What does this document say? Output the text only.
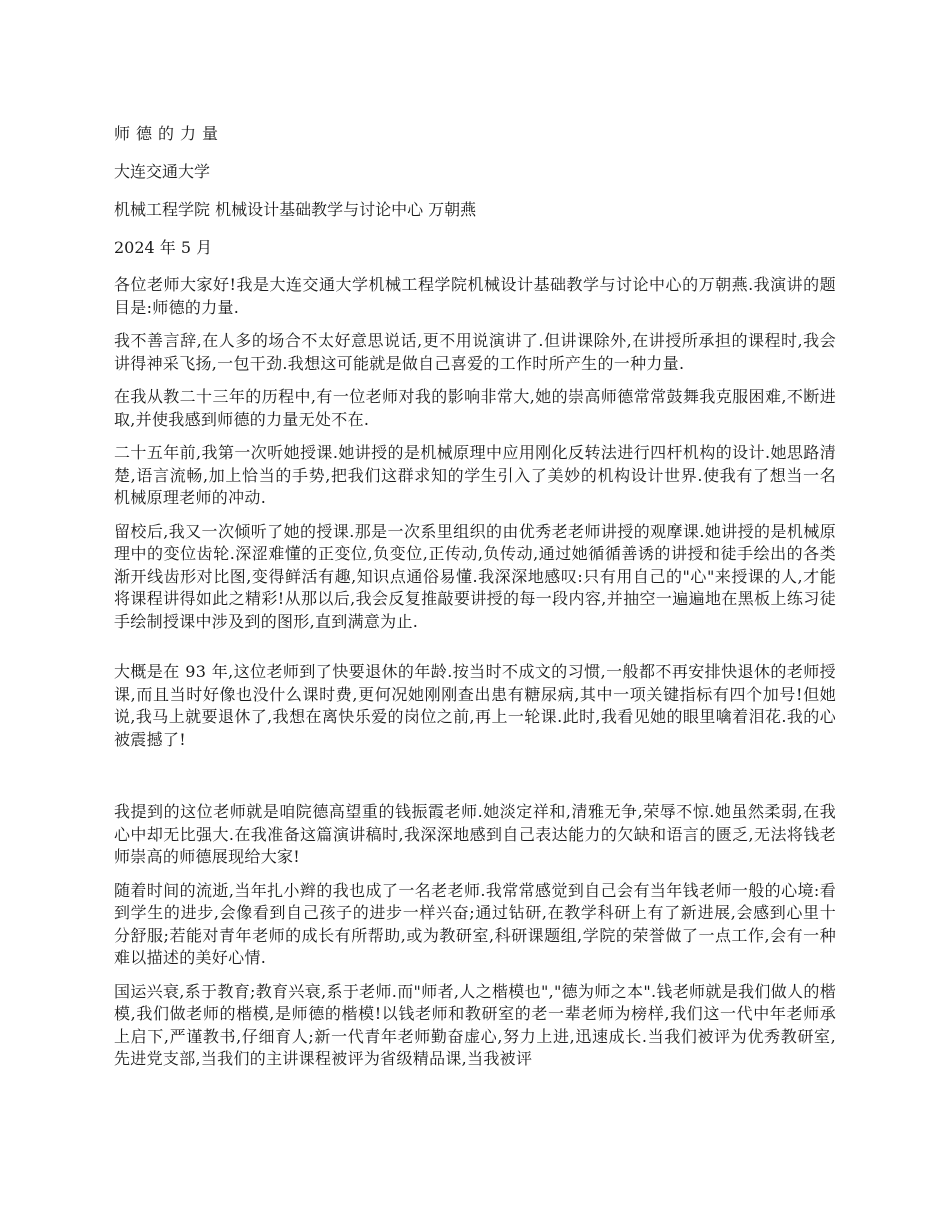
师德的力量
大连交通大学
机械工程学院 机械设计基础教学与讨论中心 万朝燕
2024 年 5 月

各位老师大家好!我是大连交通大学机械工程学院机械设计基础教学与讨论中心的万朝燕.我演讲的题目是:师德的力量.

我不善言辞,在人多的场合不太好意思说话,更不用说演讲了.但讲课除外,在讲授所承担的课程时,我会讲得神采飞扬,一包干劲.我想这可能就是做自己喜爱的工作时所产生的一种力量.

在我从教二十三年的历程中,有一位老师对我的影响非常大,她的崇高师德常常鼓舞我克服困难,不断进取,并使我感到师德的力量无处不在.

二十五年前,我第一次听她授课.她讲授的是机械原理中应用刚化反转法进行四杆机构的设计.她思路清楚,语言流畅,加上恰当的手势,把我们这群求知的学生引入了美妙的机构设计世界.使我有了想当一名机械原理老师的冲动.

留校后,我又一次倾听了她的授课.那是一次系里组织的由优秀老老师讲授的观摩课.她讲授的是机械原理中的变位齿轮.深涩难懂的正变位,负变位,正传动,负传动,通过她循循善诱的讲授和徒手绘出的各类渐开线齿形对比图,变得鲜活有趣,知识点通俗易懂.我深深地感叹:只有用自己的"心"来授课的人,才能将课程讲得如此之精彩!从那以后,我会反复推敲要讲授的每一段内容,并抽空一遍遍地在黑板上练习徒手绘制授课中涉及到的图形,直到满意为止.

大概是在 93 年,这位老师到了快要退休的年龄.按当时不成文的习惯,一般都不再安排快退休的老师授课,而且当时好像也没什么课时费,更何况她刚刚查出患有糖尿病,其中一项关键指标有四个加号!但她说,我马上就要退休了,我想在离快乐爱的岗位之前,再上一轮课.此时,我看见她的眼里噙着泪花.我的心被震撼了!

我提到的这位老师就是咱院德高望重的钱振霞老师.她淡定祥和,清雅无争,荣辱不惊.她虽然柔弱,在我心中却无比强大.在我准备这篇演讲稿时,我深深地感到自己表达能力的欠缺和语言的匮乏,无法将钱老师崇高的师德展现给大家!

随着时间的流逝,当年扎小辫的我也成了一名老老师.我常常感觉到自己会有当年钱老师一般的心境:看到学生的进步,会像看到自己孩子的进步一样兴奋;通过钻研,在教学科研上有了新进展,会感到心里十分舒服;若能对青年老师的成长有所帮助,或为教研室,科研课题组,学院的荣誉做了一点工作,会有一种难以描述的美好心情.

国运兴衰,系于教育;教育兴衰,系于老师.而"师者,人之楷模也","德为师之本".钱老师就是我们做人的楷模,我们做老师的楷模,是师德的楷模!以钱老师和教研室的老一辈老师为榜样,我们这一代中年老师承上启下,严谨教书,仔细育人;新一代青年老师勤奋虚心,努力上进,迅速成长.当我们被评为优秀教研室,先进党支部,当我们的主讲课程被评为省级精品课,当我被评
